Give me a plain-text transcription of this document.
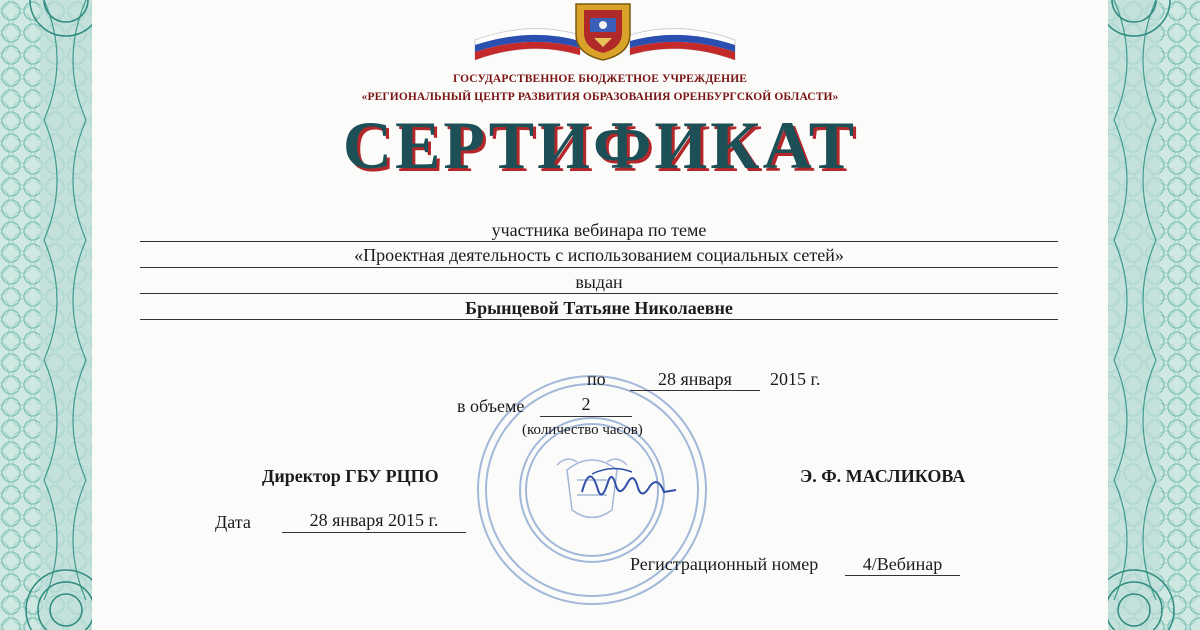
ГОСУДАРСТВЕННОЕ БЮДЖЕТНОЕ УЧРЕЖДЕНИЕ
«РЕГИОНАЛЬНЫЙ ЦЕНТР РАЗВИТИЯ ОБРАЗОВАНИЯ ОРЕНБУРГСКОЙ ОБЛАСТИ»
СЕРТИФИКАТ
участника вебинара по теме
«Проектная деятельность с использованием социальных сетей»
выдан
Брынцевой Татьяне Николаевне
по	28 января	2015 г.
в объеме	2
(количество часов)
Директор ГБУ РЦПО	Э. Ф. МАСЛИКОВА
Дата	28 января 2015 г.
Регистрационный номер	4/Вебинар
